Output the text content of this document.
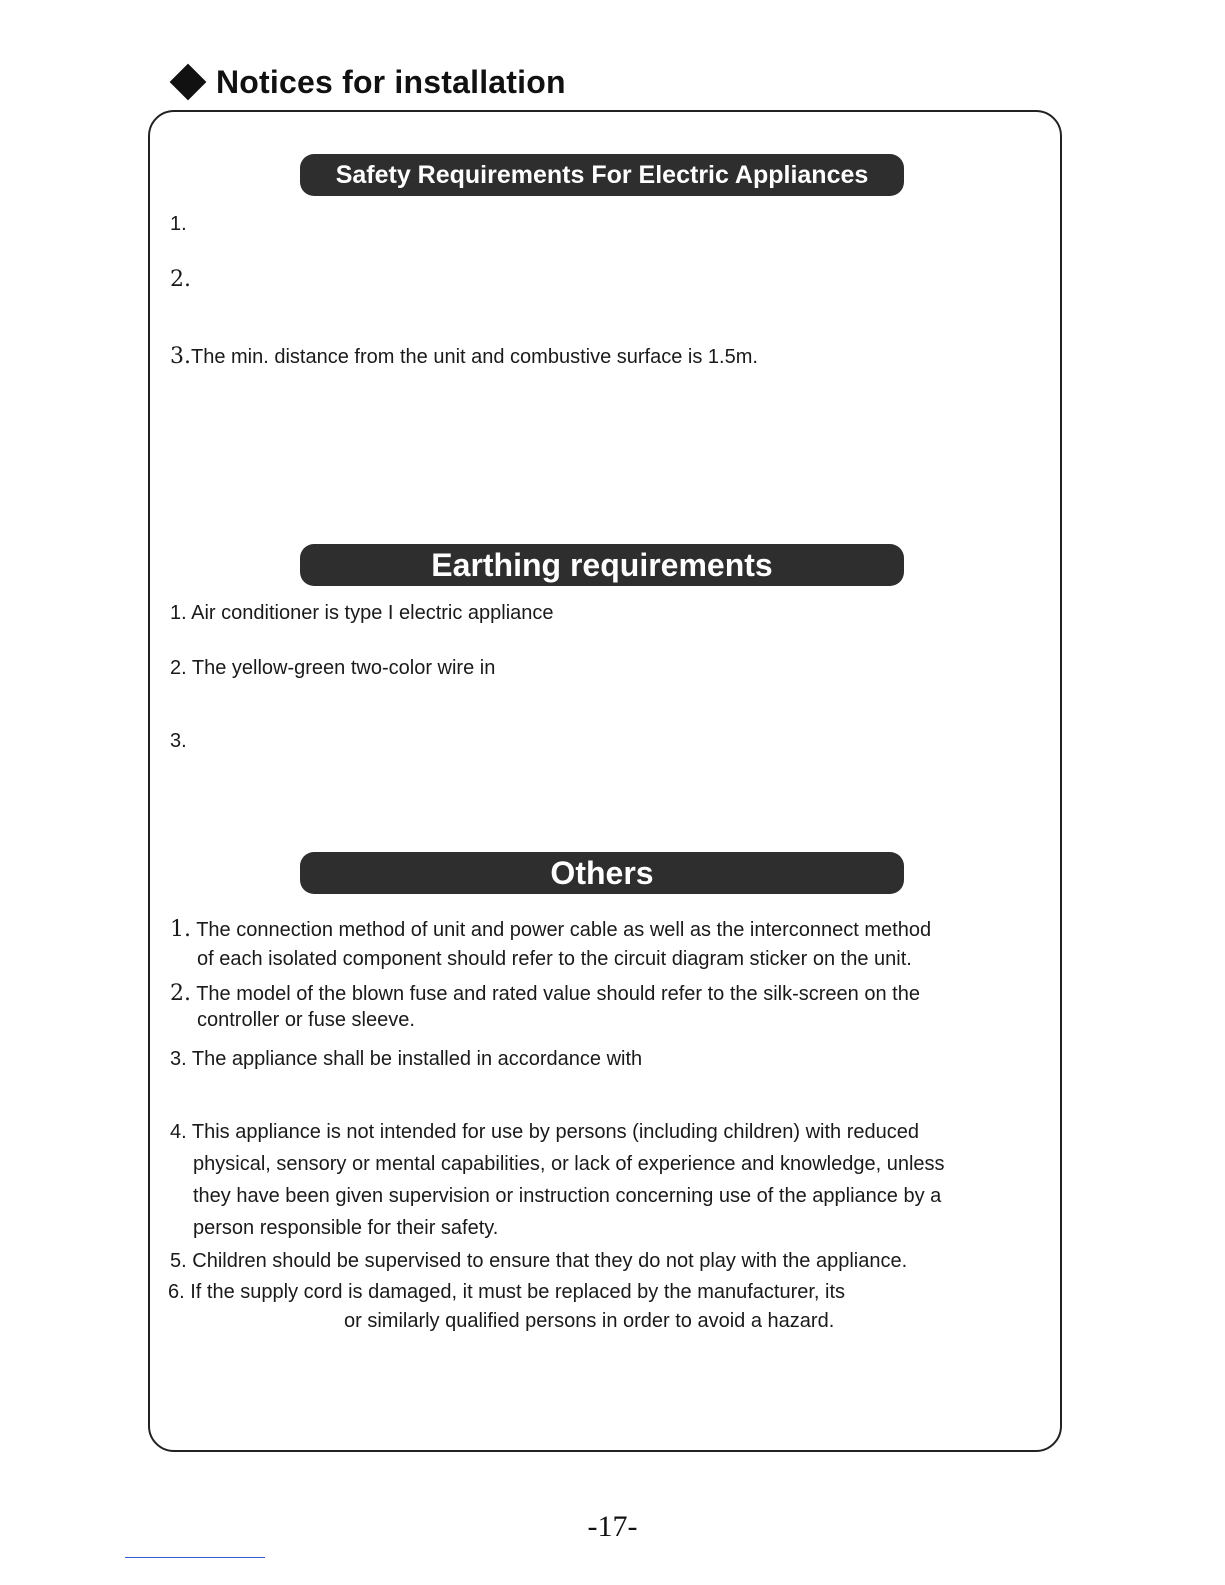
Notices for installation
Safety Requirements For Electric Appliances
1.
2.
3.The min. distance from the unit and combustive surface is 1.5m.
Earthing requirements
1. Air conditioner is type I electric appliance
2. The yellow-green two-color wire in
3.
Others
1. The connection method of unit and power cable as well as the interconnect method
of each isolated component should refer to the circuit diagram sticker on the unit.
2. The model of the blown fuse and rated value should refer to the silk-screen on the
controller or fuse sleeve.
3. The appliance shall be installed in accordance with
4. This appliance is not intended for use by persons (including children) with reduced
physical, sensory or mental capabilities, or lack of experience and knowledge, unless
they have been given supervision or instruction concerning use of the appliance by a
person responsible for their safety.
5. Children should be supervised to ensure that they do not play with the appliance.
6. If the supply cord is damaged, it must be replaced by the manufacturer, its
or similarly qualified persons in order to avoid a hazard.
-17-
